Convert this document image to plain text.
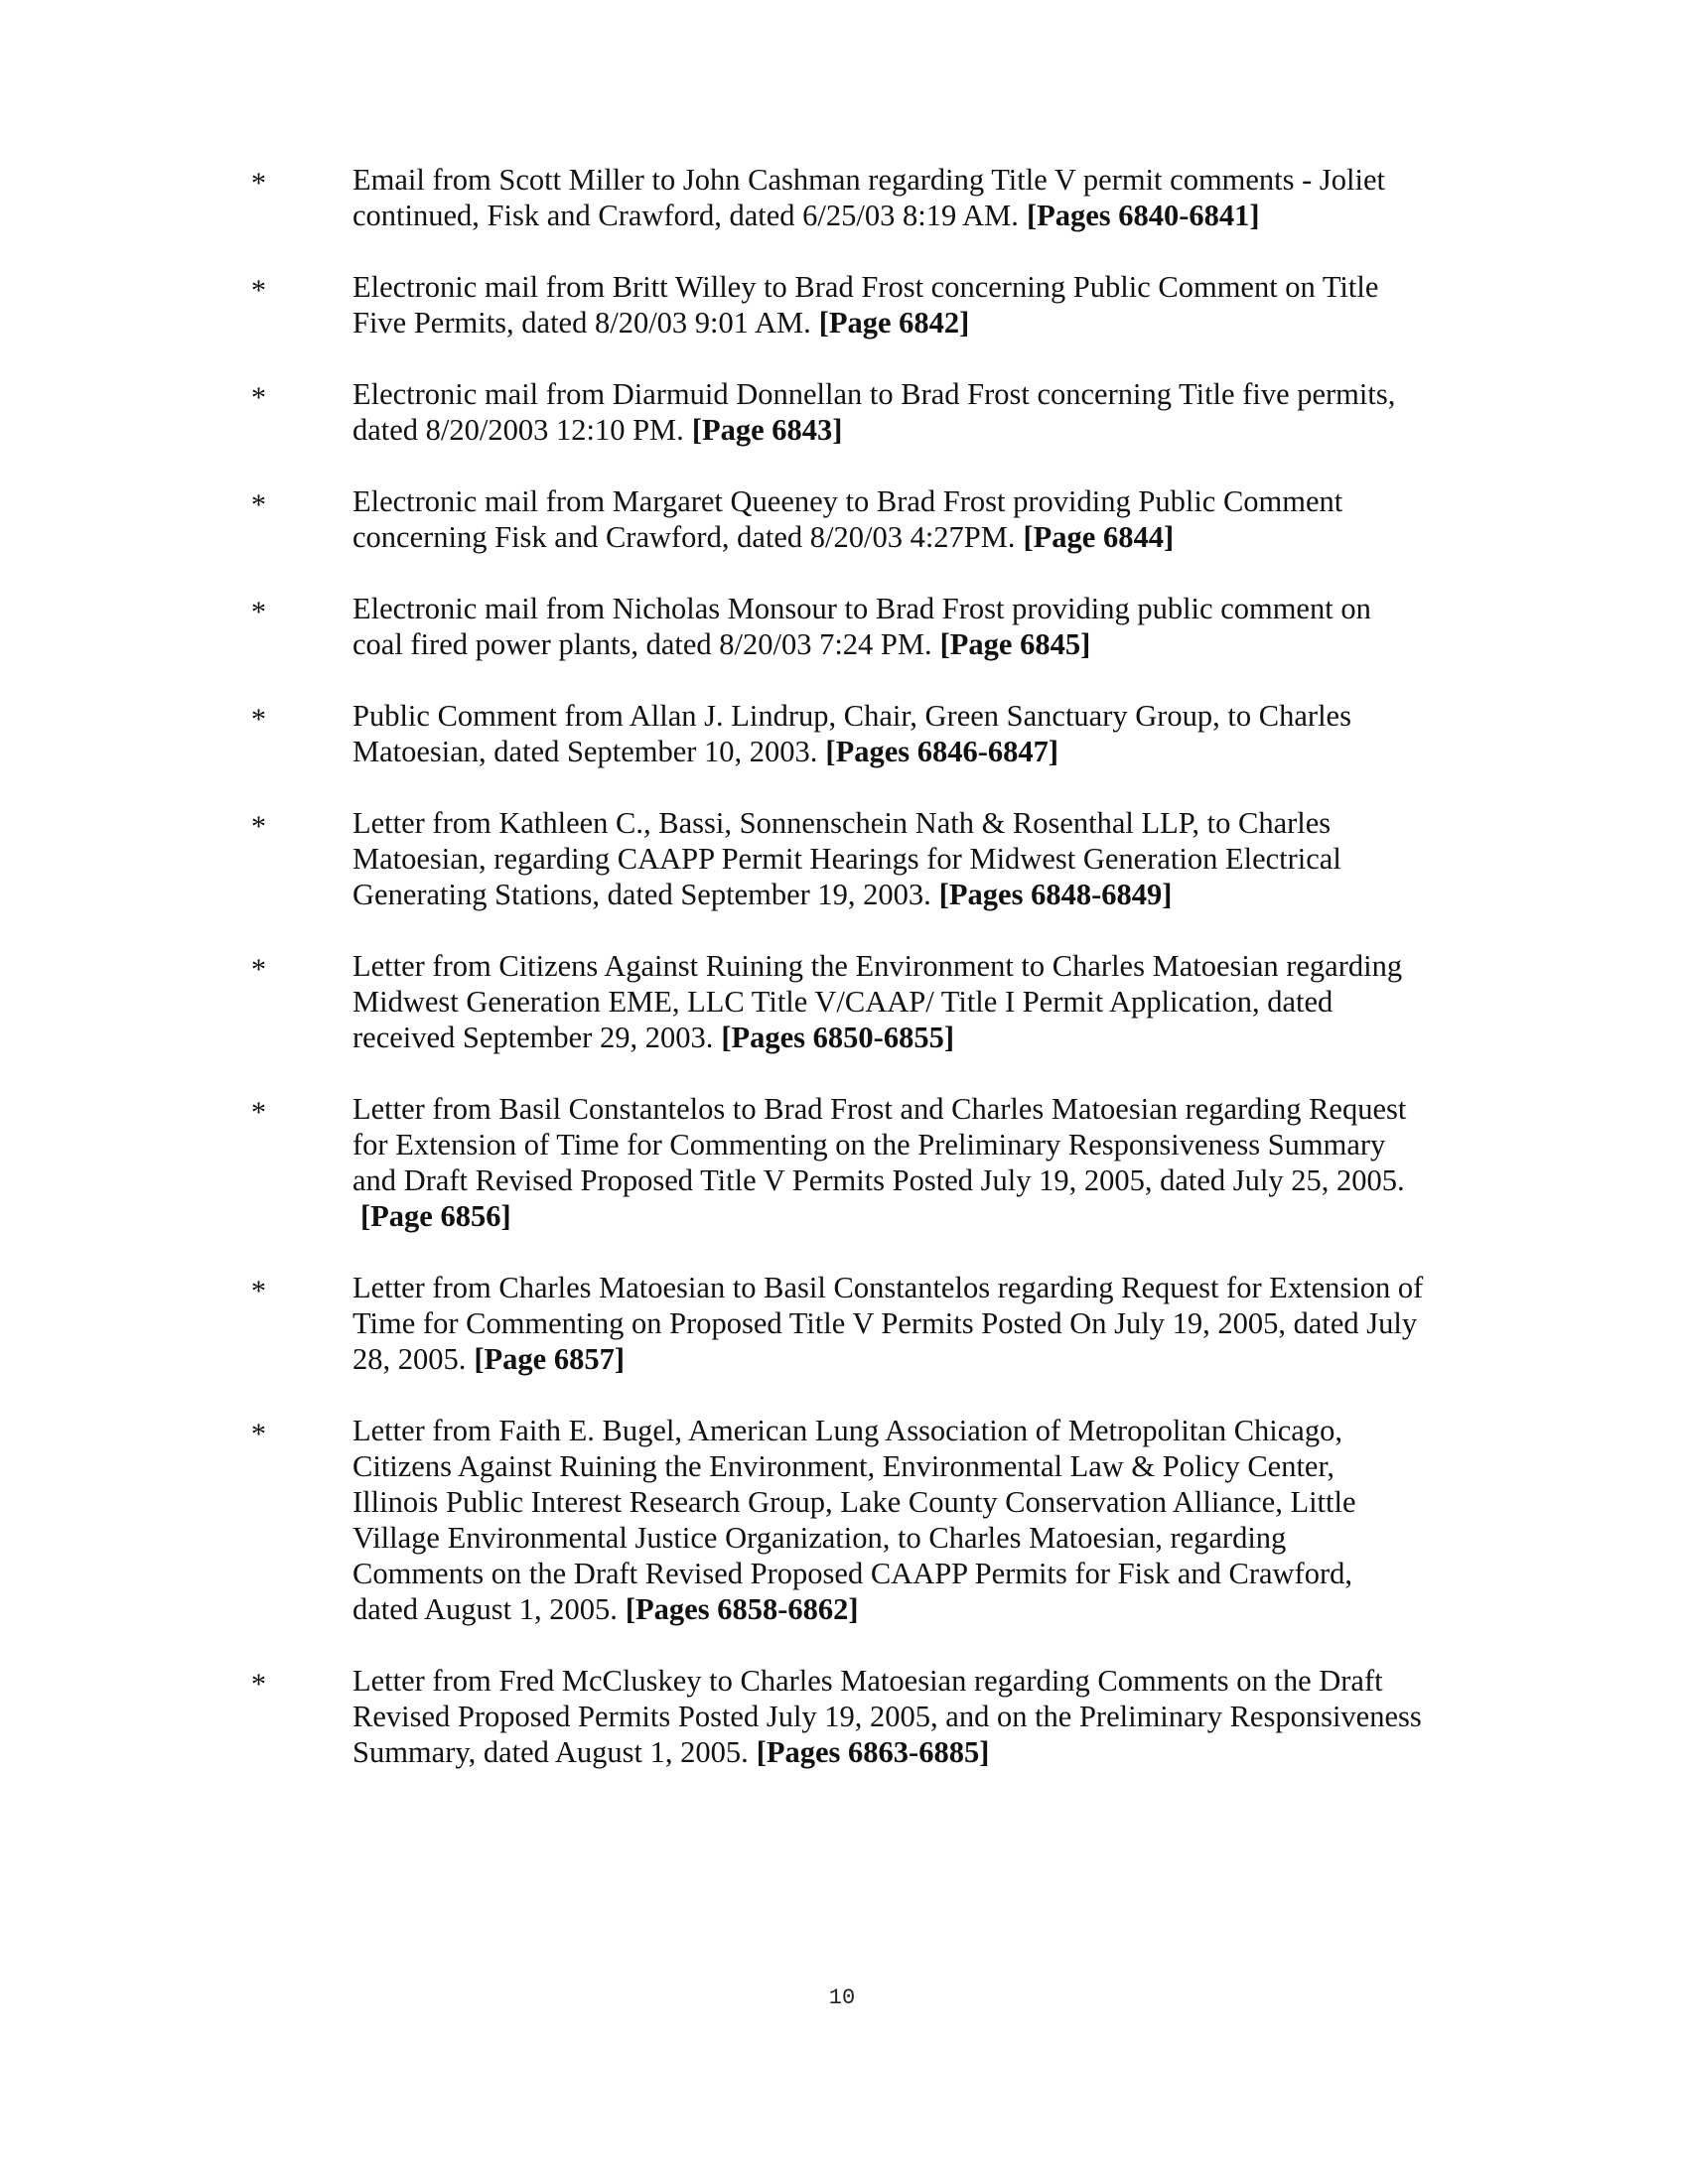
*	Email from Scott Miller to John Cashman regarding Title V permit comments - Joliet continued, Fisk and Crawford, dated 6/25/03 8:19 AM. [Pages 6840-6841]
*	Electronic mail from Britt Willey to Brad Frost concerning Public Comment on Title Five Permits, dated 8/20/03 9:01 AM. [Page 6842]
*	Electronic mail from Diarmuid Donnellan to Brad Frost concerning Title five permits, dated 8/20/2003 12:10 PM. [Page 6843]
*	Electronic mail from Margaret Queeney to Brad Frost providing Public Comment concerning Fisk and Crawford, dated 8/20/03 4:27PM. [Page 6844]
*	Electronic mail from Nicholas Monsour to Brad Frost providing public comment on coal fired power plants, dated 8/20/03 7:24 PM. [Page 6845]
*	Public Comment from Allan J. Lindrup, Chair, Green Sanctuary Group, to Charles Matoesian, dated September 10, 2003. [Pages 6846-6847]
*	Letter from Kathleen C., Bassi, Sonnenschein Nath & Rosenthal LLP, to Charles Matoesian, regarding CAAPP Permit Hearings for Midwest Generation Electrical Generating Stations, dated September 19, 2003. [Pages 6848-6849]
*	Letter from Citizens Against Ruining the Environment to Charles Matoesian regarding Midwest Generation EME, LLC Title V/CAAP/ Title I Permit Application, dated received September 29, 2003. [Pages 6850-6855]
*	Letter from Basil Constantelos to Brad Frost and Charles Matoesian regarding Request for Extension of Time for Commenting on the Preliminary Responsiveness Summary and Draft Revised Proposed Title V Permits Posted July 19, 2005, dated July 25, 2005.[Page 6856]
*	Letter from Charles Matoesian to Basil Constantelos regarding Request for Extension of Time for Commenting on Proposed Title V Permits Posted On July 19, 2005, dated July 28, 2005. [Page 6857]
*	Letter from Faith E. Bugel, American Lung Association of Metropolitan Chicago, Citizens Against Ruining the Environment, Environmental Law & Policy Center, Illinois Public Interest Research Group, Lake County Conservation Alliance, Little Village Environmental Justice Organization, to Charles Matoesian, regarding Comments on the Draft Revised Proposed CAAPP Permits for Fisk and Crawford, dated August 1, 2005. [Pages 6858-6862]
*	Letter from Fred McCluskey to Charles Matoesian regarding Comments on the Draft Revised Proposed Permits Posted July 19, 2005, and on the Preliminary Responsiveness Summary, dated August 1, 2005. [Pages 6863-6885]
10
